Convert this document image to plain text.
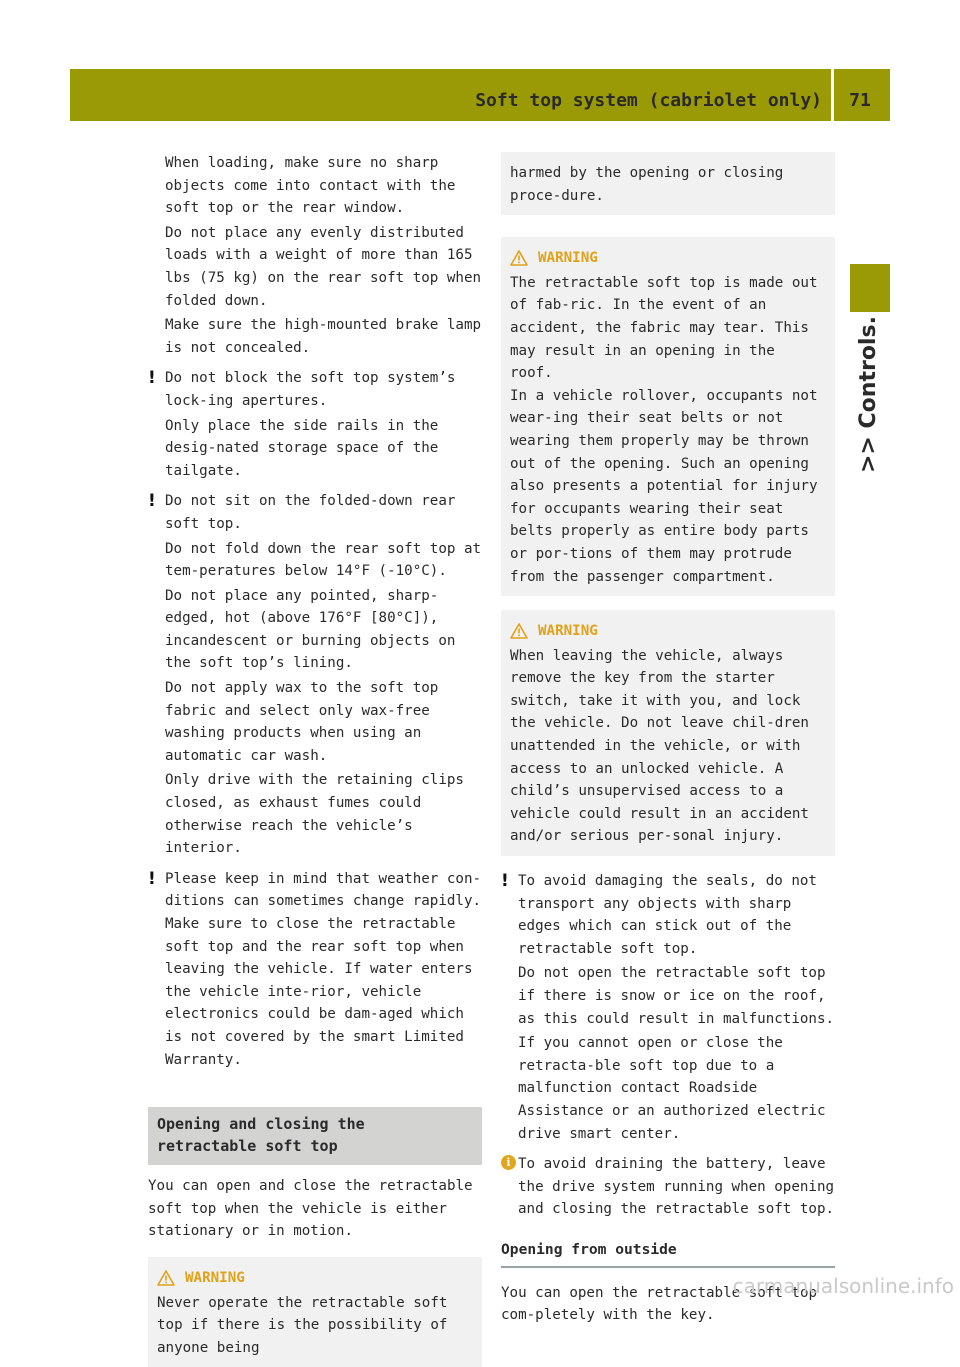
Soft top system (cabriolet only)	71
>> Controls.

When loading, make sure no sharp objects come into contact with the soft top or the rear window.

Do not place any evenly distributed loads with a weight of more than 165 lbs (75 kg) on the rear soft top when folded down.

Make sure the high-mounted brake lamp is not concealed.

! Do not block the soft top system’s lock-ing apertures.

Only place the side rails in the desig-nated storage space of the tailgate.

! Do not sit on the folded-down rear soft top.

Do not fold down the rear soft top at tem-peratures below 14°F (‑10°C).

Do not place any pointed, sharp-edged, hot (above 176°F [80°C]), incandescent or burning objects on the soft top’s lining.

Do not apply wax to the soft top fabric and select only wax-free washing products when using an automatic car wash.

Only drive with the retaining clips closed, as exhaust fumes could otherwise reach the vehicle’s interior.

! Please keep in mind that weather con-ditions can sometimes change rapidly. Make sure to close the retractable soft top and the rear soft top when leaving the vehicle. If water enters the vehicle inte-rior, vehicle electronics could be dam-aged which is not covered by the smart Limited Warranty.

Opening and closing the retractable soft top

You can open and close the retractable soft top when the vehicle is either stationary or in motion.

WARNING

Never operate the retractable soft top if there is the possibility of anyone being

harmed by the opening or closing proce-dure.

WARNING

The retractable soft top is made out of fab-ric. In the event of an accident, the fabric may tear. This may result in an opening in the roof.

In a vehicle rollover, occupants not wear-ing their seat belts or not wearing them properly may be thrown out of the opening. Such an opening also presents a potential for injury for occupants wearing their seat belts properly as entire body parts or por-tions of them may protrude from the passenger compartment.

WARNING

When leaving the vehicle, always remove the key from the starter switch, take it with you, and lock the vehicle. Do not leave chil-dren unattended in the vehicle, or with access to an unlocked vehicle. A child’s unsupervised access to a vehicle could result in an accident and/or serious per-sonal injury.

! To avoid damaging the seals, do not transport any objects with sharp edges which can stick out of the retractable soft top.

Do not open the retractable soft top if there is snow or ice on the roof, as this could result in malfunctions.

If you cannot open or close the retracta-ble soft top due to a malfunction contact Roadside Assistance or an authorized electric drive smart center.

i To avoid draining the battery, leave the drive system running when opening and closing the retractable soft top.

Opening from outside

You can open the retractable soft top com-pletely with the key.

carmanualsonline.info
